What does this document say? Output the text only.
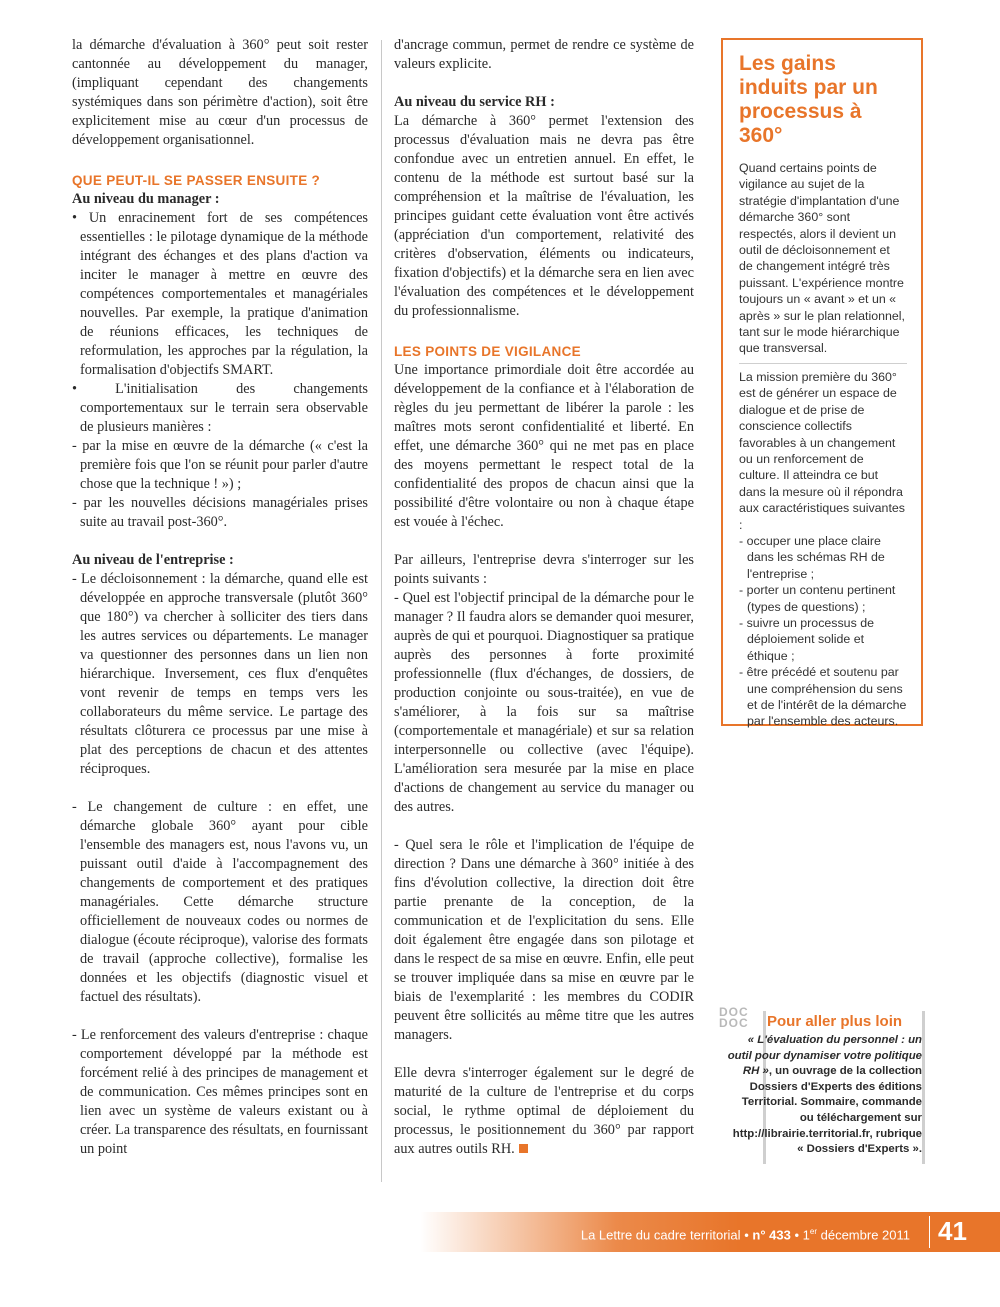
la démarche d'évaluation à 360° peut soit rester cantonnée au développement du manager, (impliquant cependant des changements systémiques dans son périmètre d'action), soit être explicitement mise au cœur d'un processus de développement organisationnel.

QUE PEUT-IL SE PASSER ENSUITE ?

Au niveau du manager :

• Un enracinement fort de ses compétences essentielles : le pilotage dynamique de la méthode intégrant des échanges et des plans d'action va inciter le manager à mettre en œuvre des compétences comportementales et managériales nouvelles. Par exemple, la pratique d'animation de réunions efficaces, les techniques de reformulation, les approches par la régulation, la formalisation d'objectifs SMART.

• L'initialisation des changements comportementaux sur le terrain sera observable de plusieurs manières :

- par la mise en œuvre de la démarche (« c'est la première fois que l'on se réunit pour parler d'autre chose que la technique ! ») ;

- par les nouvelles décisions managériales prises suite au travail post-360°.

Au niveau de l'entreprise :

- Le décloisonnement : la démarche, quand elle est développée en approche transversale (plutôt 360° que 180°) va chercher à solliciter des tiers dans les autres services ou départements. Le manager va questionner des personnes dans un lien non hiérarchique. Inversement, ces flux d'enquêtes vont revenir de temps en temps vers les collaborateurs du même service. Le partage des résultats clôturera ce processus par une mise à plat des perceptions de chacun et des attentes réciproques.

- Le changement de culture : en effet, une démarche globale 360° ayant pour cible l'ensemble des managers est, nous l'avons vu, un puissant outil d'aide à l'accompagnement des changements de comportement et des pratiques managériales. Cette démarche structure officiellement de nouveaux codes ou normes de dialogue (écoute réciproque), valorise des formats de travail (approche collective), formalise les données et les objectifs (diagnostic visuel et factuel des résultats).

- Le renforcement des valeurs d'entreprise : chaque comportement développé par la méthode est forcément relié à des principes de management et de communication. Ces mêmes principes sont en lien avec un système de valeurs existant ou à créer. La transparence des résultats, en fournissant un point

d'ancrage commun, permet de rendre ce système de valeurs explicite.

Au niveau du service RH :

La démarche à 360° permet l'extension des processus d'évaluation mais ne devra pas être confondue avec un entretien annuel. En effet, le contenu de la méthode est surtout basé sur la compréhension et la maîtrise de l'évaluation, les principes guidant cette évaluation vont être activés (appréciation d'un comportement, relativité des critères d'observation, éléments ou indicateurs, fixation d'objectifs) et la démarche sera en lien avec l'évaluation des compétences et le développement du professionnalisme.

LES POINTS DE VIGILANCE

Une importance primordiale doit être accordée au développement de la confiance et à l'élaboration de règles du jeu permettant de libérer la parole : les maîtres mots seront confidentialité et liberté. En effet, une démarche 360° qui ne met pas en place des moyens permettant le respect total de la confidentialité des propos de chacun ainsi que la possibilité d'être volontaire ou non à chaque étape est vouée à l'échec.

Par ailleurs, l'entreprise devra s'interroger sur les points suivants :

- Quel est l'objectif principal de la démarche pour le manager ? Il faudra alors se demander quoi mesurer, auprès de qui et pourquoi. Diagnostiquer sa pratique auprès des personnes à forte proximité professionnelle (flux d'échanges, de dossiers, de production conjointe ou sous-traitée), en vue de s'améliorer, à la fois sur sa maîtrise (comportementale et managériale) et sur sa relation interpersonnelle ou collective (avec l'équipe). L'amélioration sera mesurée par la mise en place d'actions de changement au service du manager ou des autres.

- Quel sera le rôle et l'implication de l'équipe de direction ? Dans une démarche à 360° initiée à des fins d'évolution collective, la direction doit être partie prenante de la conception, de la communication et de l'explicitation du sens. Elle doit également être engagée dans son pilotage et dans le respect de sa mise en œuvre. Enfin, elle peut se trouver impliquée dans sa mise en œuvre par le biais de l'exemplarité : les membres du CODIR peuvent être sollicités au même titre que les autres managers.

Elle devra s'interroger également sur le degré de maturité de la culture de l'entreprise et du corps social, le rythme optimal de déploiement du processus, le positionnement du 360° par rapport aux autres outils RH.

Les gains induits par un processus à 360°

Quand certains points de vigilance au sujet de la stratégie d'implantation d'une démarche 360° sont respectés, alors il devient un outil de décloisonnement et de changement intégré très puissant. L'expérience montre toujours un « avant » et un « après » sur le plan relationnel, tant sur le mode hiérarchique que transversal.

La mission première du 360° est de générer un espace de dialogue et de prise de conscience collectifs favorables à un changement ou un renforcement de culture. Il atteindra ce but dans la mesure où il répondra aux caractéristiques suivantes :

- occuper une place claire dans les schémas RH de l'entreprise ;

- porter un contenu pertinent (types de questions) ;

- suivre un processus de déploiement solide et éthique ;

- être précédé et soutenu par une compréhension du sens et de l'intérêt de la démarche par l'ensemble des acteurs.

DOC DOC	Pour aller plus loin
« L'évaluation du personnel : un outil pour dynamiser votre politique RH », un ouvrage de la collection Dossiers d'Experts des éditions Territorial. Sommaire, commande ou téléchargement sur http://librairie.territorial.fr, rubrique « Dossiers d'Experts ».
La Lettre du cadre territorial • n° 433 • 1er décembre 2011 41
